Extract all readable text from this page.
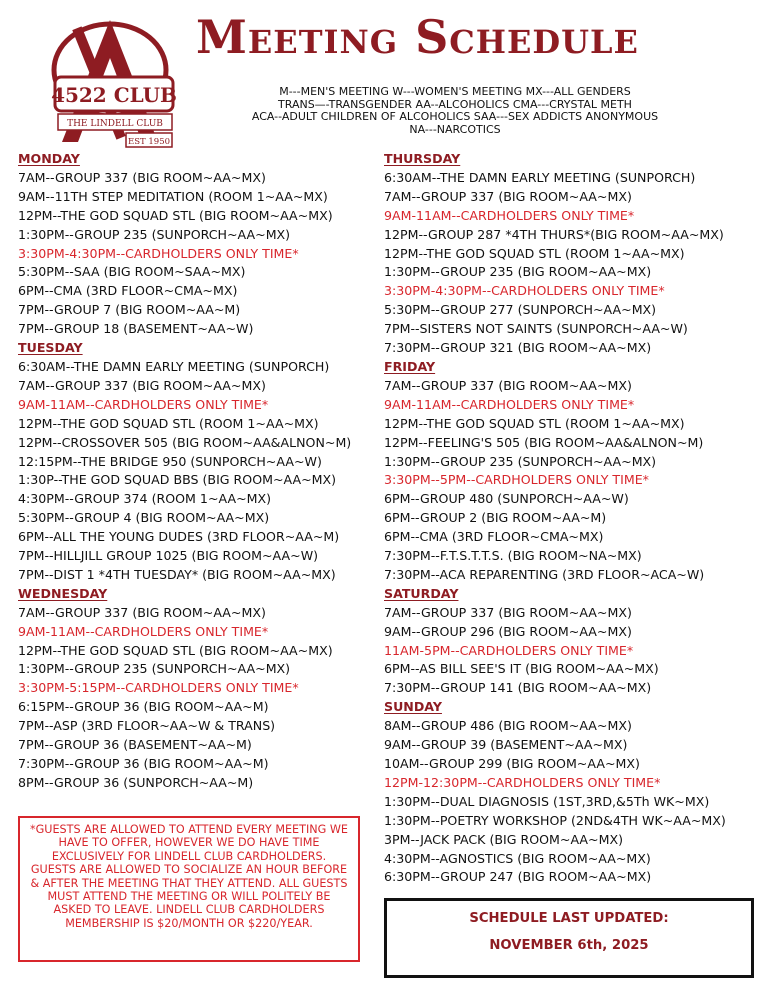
4522 CLUB
THE LINDELL CLUB
EST 1950
Meeting Schedule
M---MEN'S MEETING W---WOMEN'S MEETING MX---ALL GENDERS
TRANS—-TRANSGENDER AA--ALCOHOLICS CMA---CRYSTAL METH
ACA--ADULT CHILDREN OF ALCOHOLICS SAA---SEX ADDICTS ANONYMOUS
NA---NARCOTICS
MONDAY
7AM--GROUP 337 (BIG ROOM~AA~MX)
9AM--11TH STEP MEDITATION (ROOM 1~AA~MX)
12PM--THE GOD SQUAD STL (BIG ROOM~AA~MX)
1:30PM--GROUP 235 (SUNPORCH~AA~MX)
3:30PM-4:30PM--CARDHOLDERS ONLY TIME*
5:30PM--SAA (BIG ROOM~SAA~MX)
6PM--CMA (3RD FLOOR~CMA~MX)
7PM--GROUP 7 (BIG ROOM~AA~M)
7PM--GROUP 18 (BASEMENT~AA~W)
TUESDAY
6:30AM--THE DAMN EARLY MEETING (SUNPORCH)
7AM--GROUP 337 (BIG ROOM~AA~MX)
9AM-11AM--CARDHOLDERS ONLY TIME*
12PM--THE GOD SQUAD STL (ROOM 1~AA~MX)
12PM--CROSSOVER 505 (BIG ROOM~AA&ALNON~M)
12:15PM--THE BRIDGE 950 (SUNPORCH~AA~W)
1:30P--THE GOD SQUAD BBS (BIG ROOM~AA~MX)
4:30PM--GROUP 374 (ROOM 1~AA~MX)
5:30PM--GROUP 4 (BIG ROOM~AA~MX)
6PM--ALL THE YOUNG DUDES (3RD FLOOR~AA~M)
7PM--HILLJILL GROUP 1025 (BIG ROOM~AA~W)
7PM--DIST 1 *4TH TUESDAY* (BIG ROOM~AA~MX)
WEDNESDAY
7AM--GROUP 337 (BIG ROOM~AA~MX)
9AM-11AM--CARDHOLDERS ONLY TIME*
12PM--THE GOD SQUAD STL (BIG ROOM~AA~MX)
1:30PM--GROUP 235 (SUNPORCH~AA~MX)
3:30PM-5:15PM--CARDHOLDERS ONLY TIME*
6:15PM--GROUP 36 (BIG ROOM~AA~M)
7PM--ASP (3RD FLOOR~AA~W & TRANS)
7PM--GROUP 36 (BASEMENT~AA~M)
7:30PM--GROUP 36 (BIG ROOM~AA~M)
8PM--GROUP 36 (SUNPORCH~AA~M)
THURSDAY
6:30AM--THE DAMN EARLY MEETING (SUNPORCH)
7AM--GROUP 337 (BIG ROOM~AA~MX)
9AM-11AM--CARDHOLDERS ONLY TIME*
12PM--GROUP 287 *4TH THURS*(BIG ROOM~AA~MX)
12PM--THE GOD SQUAD STL (ROOM 1~AA~MX)
1:30PM--GROUP 235 (BIG ROOM~AA~MX)
3:30PM-4:30PM--CARDHOLDERS ONLY TIME*
5:30PM--GROUP 277 (SUNPORCH~AA~MX)
7PM--SISTERS NOT SAINTS (SUNPORCH~AA~W)
7:30PM--GROUP 321 (BIG ROOM~AA~MX)
FRIDAY
7AM--GROUP 337 (BIG ROOM~AA~MX)
9AM-11AM--CARDHOLDERS ONLY TIME*
12PM--THE GOD SQUAD STL (ROOM 1~AA~MX)
12PM--FEELING'S 505 (BIG ROOM~AA&ALNON~M)
1:30PM--GROUP 235 (SUNPORCH~AA~MX)
3:30PM--5PM--CARDHOLDERS ONLY TIME*
6PM--GROUP 480 (SUNPORCH~AA~W)
6PM--GROUP 2 (BIG ROOM~AA~M)
6PM--CMA (3RD FLOOR~CMA~MX)
7:30PM--F.T.S.T.T.S. (BIG ROOM~NA~MX)
7:30PM--ACA REPARENTING (3RD FLOOR~ACA~W)
SATURDAY
7AM--GROUP 337 (BIG ROOM~AA~MX)
9AM--GROUP 296 (BIG ROOM~AA~MX)
11AM-5PM--CARDHOLDERS ONLY TIME*
6PM--AS BILL SEE'S IT (BIG ROOM~AA~MX)
7:30PM--GROUP 141 (BIG ROOM~AA~MX)
SUNDAY
8AM--GROUP 486 (BIG ROOM~AA~MX)
9AM--GROUP 39 (BASEMENT~AA~MX)
10AM--GROUP 299 (BIG ROOM~AA~MX)
12PM-12:30PM--CARDHOLDERS ONLY TIME*
1:30PM--DUAL DIAGNOSIS (1ST,3RD,&5Th WK~MX)
1:30PM--POETRY WORKSHOP (2ND&4TH WK~AA~MX)
3PM--JACK PACK (BIG ROOM~AA~MX)
4:30PM--AGNOSTICS (BIG ROOM~AA~MX)
6:30PM--GROUP 247 (BIG ROOM~AA~MX)
*GUESTS ARE ALLOWED TO ATTEND EVERY MEETING WE HAVE TO OFFER, HOWEVER WE DO HAVE TIME EXCLUSIVELY FOR LINDELL CLUB CARDHOLDERS. GUESTS ARE ALLOWED TO SOCIALIZE AN HOUR BEFORE & AFTER THE MEETING THAT THEY ATTEND. ALL GUESTS MUST ATTEND THE MEETING OR WILL POLITELY BE ASKED TO LEAVE. LINDELL CLUB CARDHOLDERS MEMBERSHIP IS $20/MONTH OR $220/YEAR.	SCHEDULE LAST UPDATED:
NOVEMBER 6th, 2025
